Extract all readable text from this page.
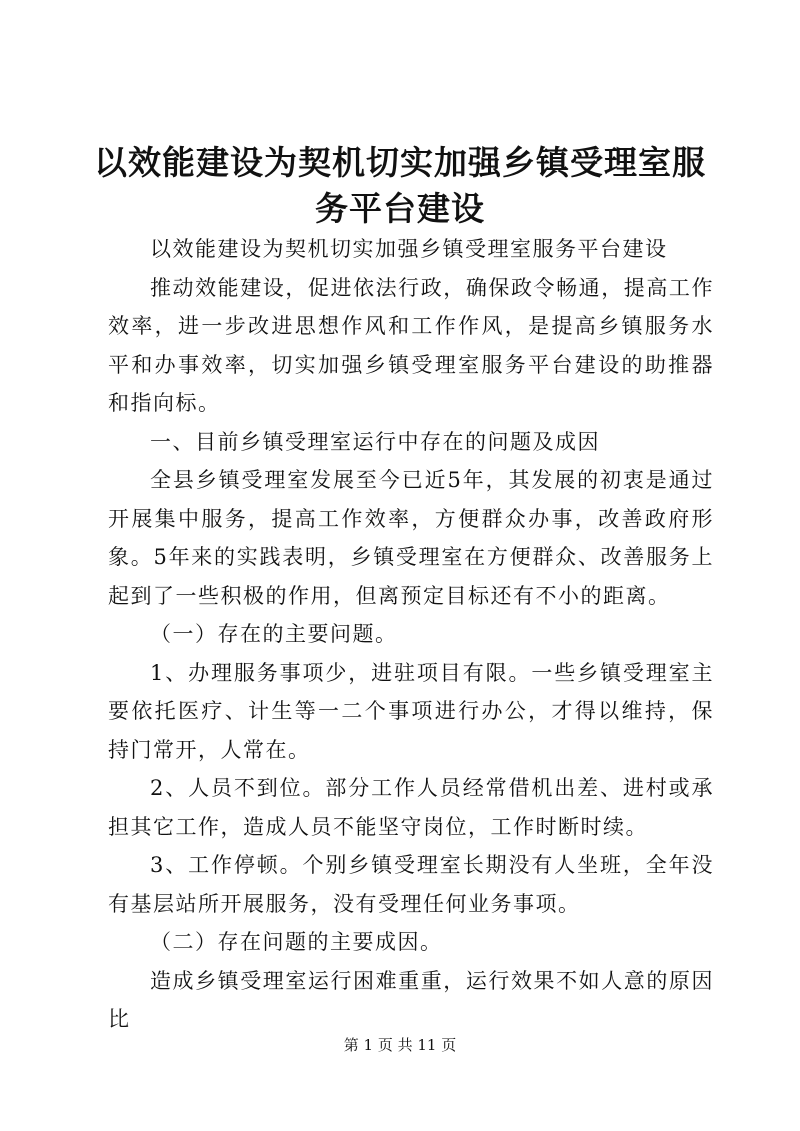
以效能建设为契机切实加强乡镇受理室服务平台建设

以效能建设为契机切实加强乡镇受理室服务平台建设

推动效能建设，促进依法行政，确保政令畅通，提高工作效率，进一步改进思想作风和工作作风，是提高乡镇服务水平和办事效率，切实加强乡镇受理室服务平台建设的助推器和指向标。

一、目前乡镇受理室运行中存在的问题及成因

全县乡镇受理室发展至今已近5年，其发展的初衷是通过开展集中服务，提高工作效率，方便群众办事，改善政府形象。5年来的实践表明，乡镇受理室在方便群众、改善服务上起到了一些积极的作用，但离预定目标还有不小的距离。

（一）存在的主要问题。

1、办理服务事项少，进驻项目有限。一些乡镇受理室主要依托医疗、计生等一二个事项进行办公，才得以维持，保持门常开，人常在。

2、人员不到位。部分工作人员经常借机出差、进村或承担其它工作，造成人员不能坚守岗位，工作时断时续。

3、工作停顿。个别乡镇受理室长期没有人坐班，全年没有基层站所开展服务，没有受理任何业务事项。

（二）存在问题的主要成因。

造成乡镇受理室运行困难重重，运行效果不如人意的原因比

第 1 页 共 11 页
